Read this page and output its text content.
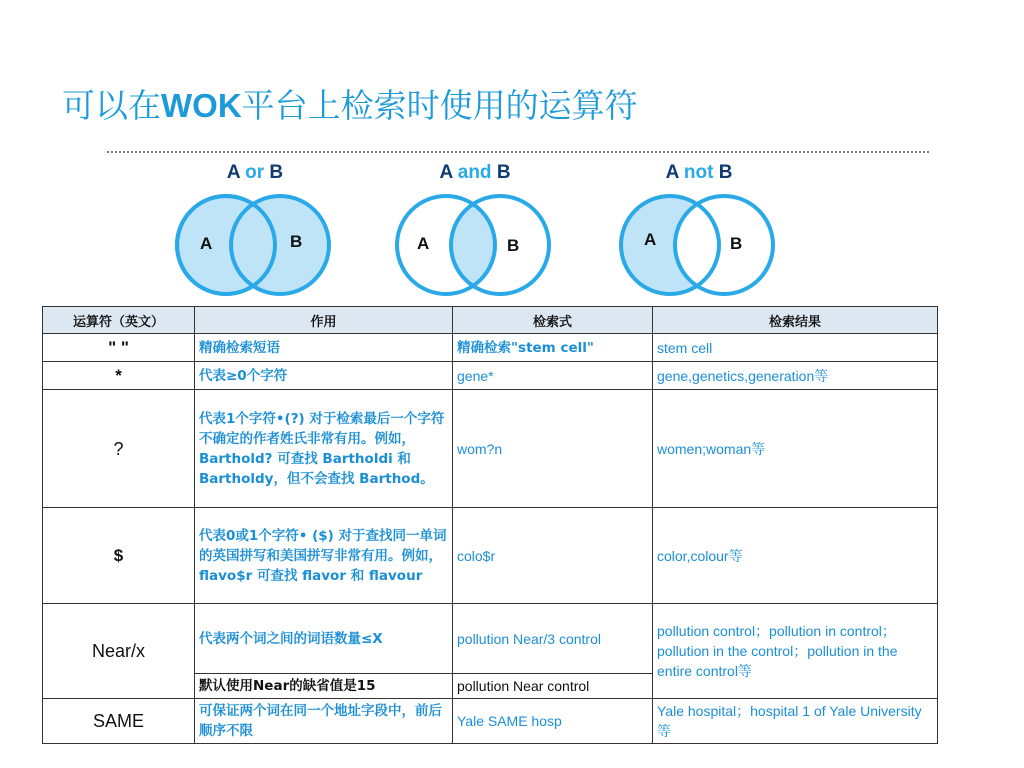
可以在WOK平台上检索时使用的运算符
A or B
A	B
A and B
A	B
A not B
A	B
运算符（英文）	作用	检索式	检索结果
" "	精确检索短语	精确检索"stem cell"	stem cell
*	代表≥0个字符	gene*	gene,genetics,generation等
?	代表1个字符•(?) 对于检索最后一个字符不确定的作者姓氏非常有用。例如，Barthold? 可查找 Bartholdi 和 Bartholdy，但不会查找 Barthod。	wom?n	women;woman等
$	代表0或1个字符• ($) 对于查找同一单词的英国拼写和美国拼写非常有用。例如，flavo$r 可查找 flavor 和 flavour	colo$r	color,colour等
Near/x	代表两个词之间的词语数量≤X	pollution Near/3 control	pollution control；pollution in control；pollution in the control；pollution in the entire control等
	默认使用Near的缺省值是15	pollution Near control	
SAME	可保证两个词在同一个地址字段中，前后顺序不限	Yale SAME hosp	Yale hospital；hospital 1 of Yale University等
